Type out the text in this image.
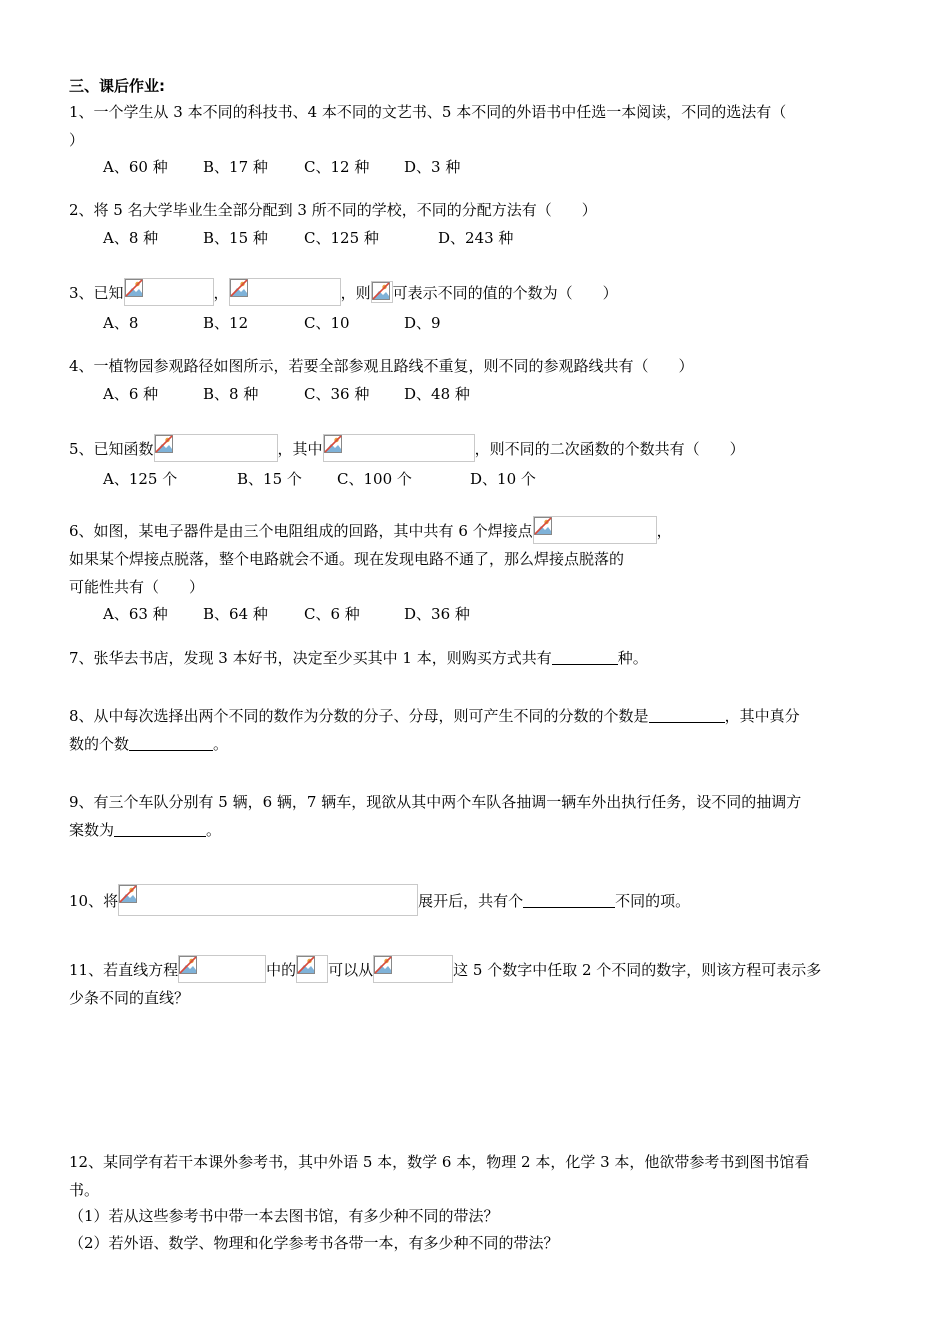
三、课后作业:
1、一个学生从 3 本不同的科技书、4 本不同的文艺书、5 本不同的外语书中任选一本阅读，不同的选法有（
）
A、60 种 B、17 种 C、12 种 D、3 种
2、将 5 名大学毕业生全部分配到 3 所不同的学校，不同的分配方法有（　　）
A、8 种	B、15 种 C、125 种	D、243 种
3、已知	，	，则 可表示不同的值的个数为（　　）
A、8	B、12	C、10	D、9
4、一植物园参观路径如图所示，若要全部参观且路线不重复，则不同的参观路线共有（　　）
A、6 种	B、8 种	C、36 种 D、48 种
5、已知函数	，其中	，则不同的二次函数的个数共有（　　）
A、125 个	B、15 个 C、100 个	D、10 个
6、如图，某电子器件是由三个电阻组成的回路，其中共有 6 个焊接点	，
如果某个焊接点脱落，整个电路就会不通。现在发现电路不通了，那么焊接点脱落的
可能性共有（　　）
A、63 种 B、64 种 C、6 种	D、36 种
7、张华去书店，发现 3 本好书，决定至少买其中 1 本，则购买方式共有	种。
8、从中每次选择出两个不同的数作为分数的分子、分母，则可产生不同的分数的个数是	，其中真分
数的个数	。
9、有三个车队分别有 5 辆，6 辆，7 辆车，现欲从其中两个车队各抽调一辆车外出执行任务，设不同的抽调方
案数为	。
10、将	展开后，共有个	不同的项。
11、若直线方程	中的 可以从	这 5 个数字中任取 2 个不同的数字，则该方程可表示多
少条不同的直线？
12、某同学有若干本课外参考书，其中外语 5 本，数学 6 本，物理 2 本，化学 3 本，他欲带参考书到图书馆看
书。
（1）若从这些参考书中带一本去图书馆，有多少种不同的带法？
（2）若外语、数学、物理和化学参考书各带一本，有多少种不同的带法？
